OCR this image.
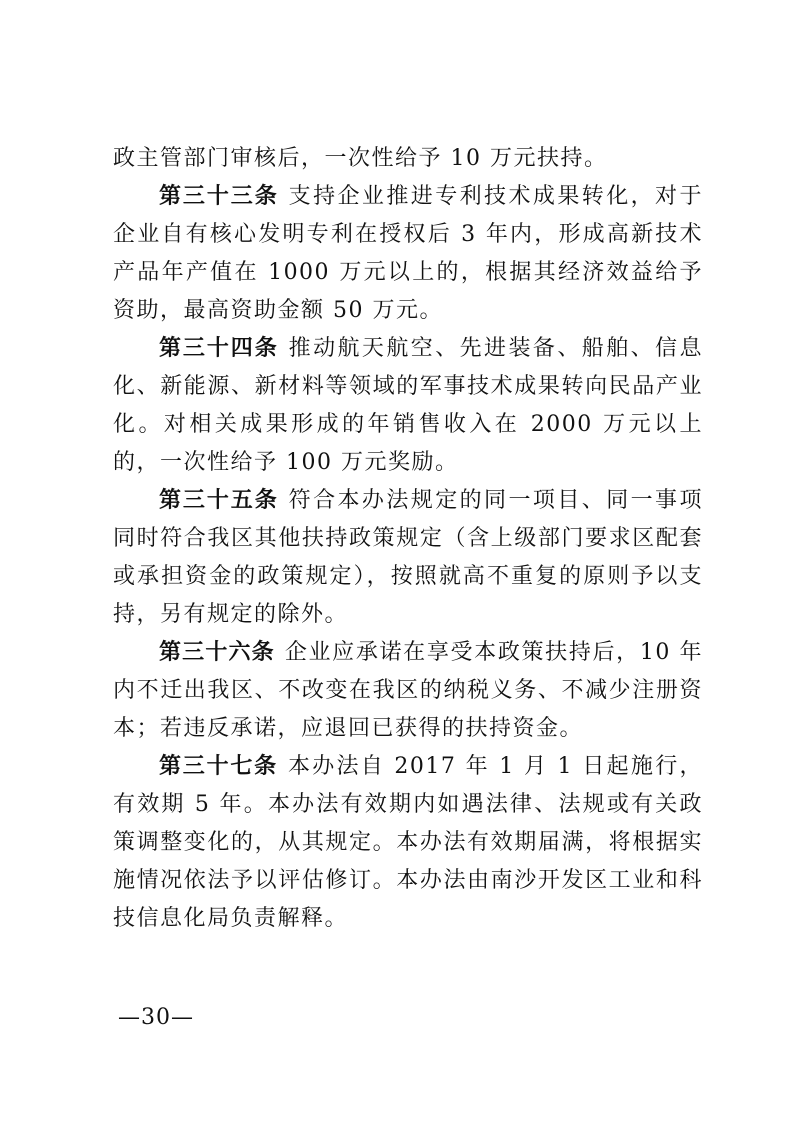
政主管部门审核后，一次性给予 10 万元扶持。

第三十三条 支持企业推进专利技术成果转化，对于企业自有核心发明专利在授权后 3 年内，形成高新技术产品年产值在 1000 万元以上的，根据其经济效益给予资助，最高资助金额 50 万元。

第三十四条 推动航天航空、先进装备、船舶、信息化、新能源、新材料等领域的军事技术成果转向民品产业化。对相关成果形成的年销售收入在 2000 万元以上的，一次性给予 100 万元奖励。

第三十五条 符合本办法规定的同一项目、同一事项同时符合我区其他扶持政策规定（含上级部门要求区配套或承担资金的政策规定），按照就高不重复的原则予以支持，另有规定的除外。

第三十六条 企业应承诺在享受本政策扶持后，10 年内不迁出我区、不改变在我区的纳税义务、不减少注册资本；若违反承诺，应退回已获得的扶持资金。

第三十七条 本办法自 2017 年 1 月 1 日起施行，有效期 5 年。本办法有效期内如遇法律、法规或有关政策调整变化的，从其规定。本办法有效期届满，将根据实施情况依法予以评估修订。本办法由南沙开发区工业和科技信息化局负责解释。

—30—
